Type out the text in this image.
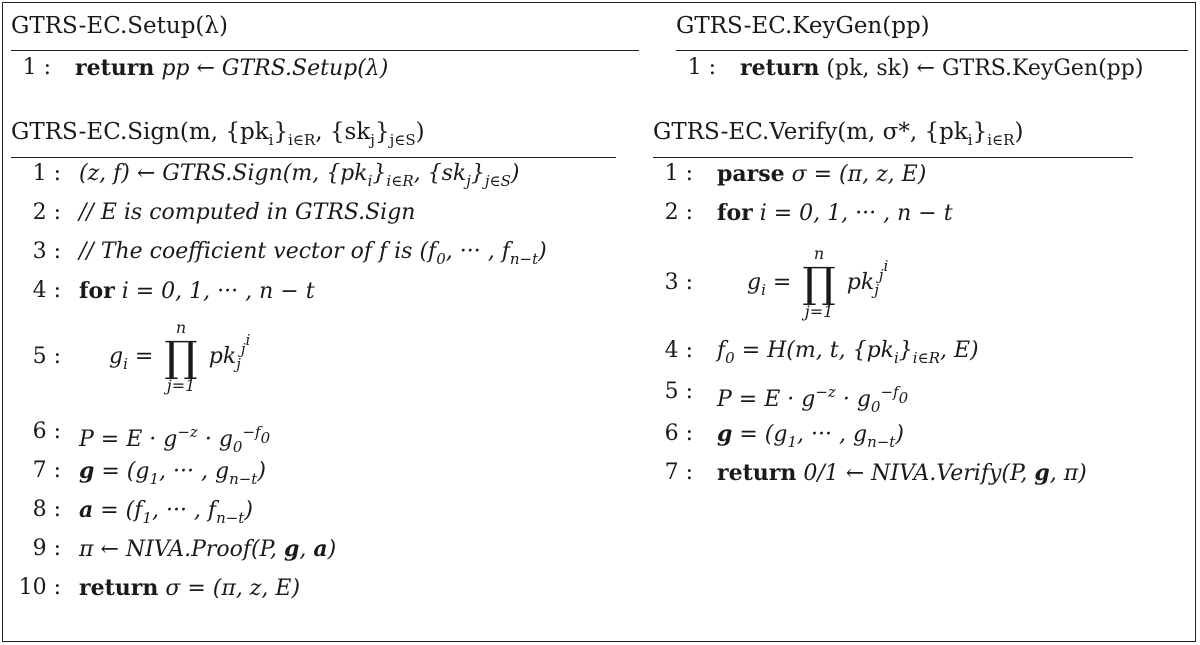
GTRS-EC.Setup(λ)
1 : return pp ← GTRS.Setup(λ)
GTRS-EC.KeyGen(pp)
1 : return (pk, sk) ← GTRS.KeyGen(pp)
GTRS-EC.Sign(m, $\{pk_i\}_{i\in R}$, $\{sk_j\}_{j\in S}$)
1 : (z, f) ← GTRS.Sign(m, $\{pk_i\}_{i\in R}$, $\{sk_j\}_{j\in S}$)
2 : // E is computed in GTRS.Sign
3 : // The coefficient vector of f is ($f_0$, ··· , $f_{n-t}$)
4 : for i = 0, 1, ··· , n − t
5 : $g_i$ =
n
∏
j=1
$pk_j^{ji}$
6 : $P = E \cdot g^{-z} \cdot g_0^{-f0}$
7 : $g = (g_1$, ··· , $g_{n-t}$)
8 : $a = (f_1$, ··· , $f_{n-t}$)
9 : π ← NIVA.Proof(P, g, a)
10 : return σ = (π, z, E)
GTRS-EC.Verify(m, σ*, $\{pk_i\}_{i\in R}$)
1 : parse σ = (π, z, E)
2 : for i = 0, 1, ··· , n − t
3 : $g_i$ =
n
∏
j=1
$pk_j^{ji}$
4 : $f_0 = H(m$, t, $\{pk_i\}_{i\in R}$, E)
5 : $P = E \cdot g^{-z} \cdot g_0^{-f0}$
6 : $g = (g_1$, ··· , $g_{n-t}$)
7 : return 0/1 ← NIVA.Verify(P, g, π)
